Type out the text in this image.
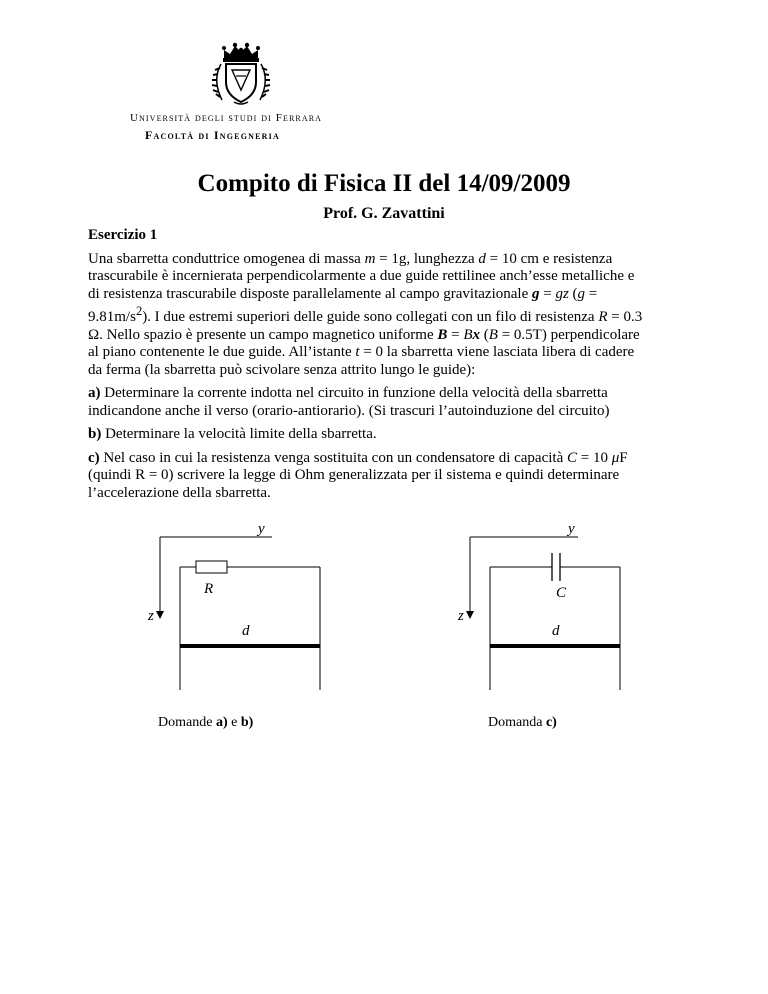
Università degli studi di Ferrara
Facoltà di Ingegneria
Compito di Fisica II del 14/09/2009
Prof. G. Zavattini
Esercizio 1

Una sbarretta conduttrice omogenea di massa m = 1g, lunghezza d = 10 cm e resistenza trascurabile è incernierata perpendicolarmente a due guide rettilinee anch’esse metalliche e di resistenza trascurabile disposte parallelamente al campo gravitazionale g = gz $(g = 9.81m/s^2)$. I due estremi superiori delle guide sono collegati con un filo di resistenza R = 0.3 Ω. Nello spazio è presente un campo magnetico uniforme B = Bx (B = 0.5T) perpendicolare al piano contenente le due guide. All’istante t = 0 la sbarretta viene lasciata libera di cadere da ferma (la sbarretta può scivolare senza attrito lungo le guide):

a) Determinare la corrente indotta nel circuito in funzione della velocità della sbarretta indicandone anche il verso (orario-antiorario). (Si trascuri l’autoinduzione del circuito)

b) Determinare la velocità limite della sbarretta.

c) Nel caso in cui la resistenza venga sostituita con un condensatore di capacità C = 10 μF (quindi R = 0) scrivere la legge di Ohm generalizzata per il sistema e quindi determinare l’accelerazione della sbarretta.

y
z
R
d
y
z
C
d
Domande a) e b)	Domanda c)
